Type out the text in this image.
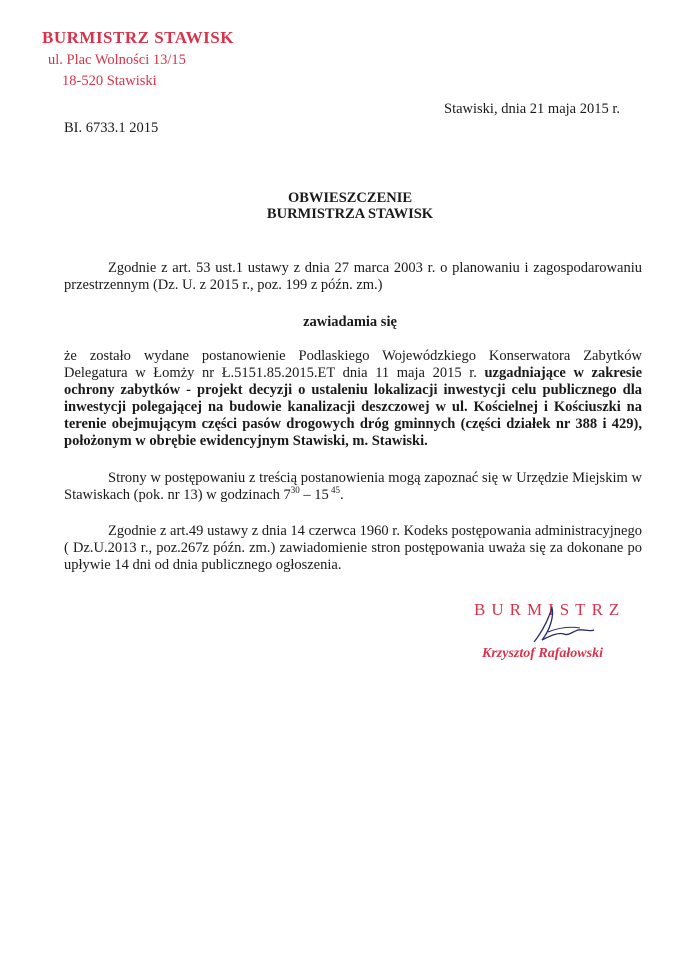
BURMISTRZ STAWISK
ul. Plac Wolności 13/15
18-520 Stawiski
Stawiski, dnia 21 maja 2015 r.
BI. 6733.1 2015
OBWIESZCZENIE
BURMISTRZA STAWISK

Zgodnie z art. 53 ust.1 ustawy z dnia 27 marca 2003 r. o planowaniu i zagospodarowaniu przestrzennym (Dz. U. z 2015 r., poz. 199 z późn. zm.)

zawiadamia się

że zostało wydane postanowienie Podlaskiego Wojewódzkiego Konserwatora Zabytków Delegatura w Łomży nr Ł.5151.85.2015.ET dnia 11 maja 2015 r. uzgadniające w zakresie ochrony zabytków - projekt decyzji o ustaleniu lokalizacji inwestycji celu publicznego dla inwestycji polegającej na budowie kanalizacji deszczowej w ul. Kościelnej i Kościuszki na terenie obejmującym części pasów drogowych dróg gminnych (części działek nr 388 i 429), położonym w obrębie ewidencyjnym Stawiski, m. Stawiski.

Strony w postępowaniu z treścią postanowienia mogą zapoznać się w Urzędzie Miejskim w Stawiskach (pok. nr 13) w godzinach $7^{30} - 15$ $^{45}$.

Zgodnie z art.49 ustawy z dnia 14 czerwca 1960 r. Kodeks postępowania administracyjnego ( Dz.U.2013 r., poz.267z późn. zm.) zawiadomienie stron postępowania uważa się za dokonane po upływie 14 dni od dnia publicznego ogłoszenia.

BURMISTRZ
Krzysztof Rafałowski
